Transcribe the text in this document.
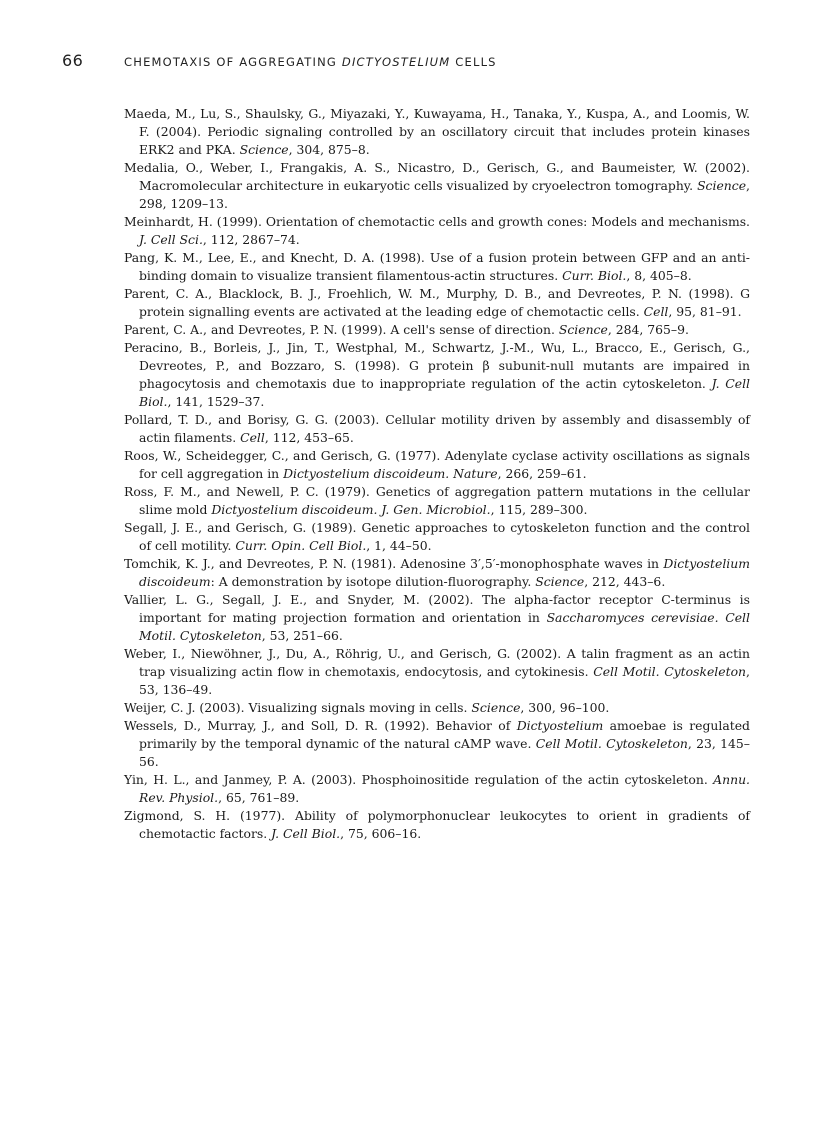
66	CHEMOTAXIS OF AGGREGATING DICTYOSTELIUM CELLS
Maeda, M., Lu, S., Shaulsky, G., Miyazaki, Y., Kuwayama, H., Tanaka, Y., Kuspa, A., and Loomis, W. F. (2004). Periodic signaling controlled by an oscillatory circuit that includes protein kinases ERK2 and PKA. Science, 304, 875–8.
Medalia, O., Weber, I., Frangakis, A. S., Nicastro, D., Gerisch, G., and Baumeister, W. (2002). Macromolecular architecture in eukaryotic cells visualized by cryoelectron tomography. Science, 298, 1209–13.
Meinhardt, H. (1999). Orientation of chemotactic cells and growth cones: Models and mechanisms. J. Cell Sci., 112, 2867–74.
Pang, K. M., Lee, E., and Knecht, D. A. (1998). Use of a fusion protein between GFP and an anti-binding domain to visualize transient filamentous-actin structures. Curr. Biol., 8, 405–8.
Parent, C. A., Blacklock, B. J., Froehlich, W. M., Murphy, D. B., and Devreotes, P. N. (1998). G protein signalling events are activated at the leading edge of chemotactic cells. Cell, 95, 81–91.
Parent, C. A., and Devreotes, P. N. (1999). A cell's sense of direction. Science, 284, 765–9.
Peracino, B., Borleis, J., Jin, T., Westphal, M., Schwartz, J.-M., Wu, L., Bracco, E., Gerisch, G., Devreotes, P., and Bozzaro, S. (1998). G protein β subunit-null mutants are impaired in phagocytosis and chemotaxis due to inappropriate regulation of the actin cytoskeleton. J. Cell Biol., 141, 1529–37.
Pollard, T. D., and Borisy, G. G. (2003). Cellular motility driven by assembly and disassembly of actin filaments. Cell, 112, 453–65.
Roos, W., Scheidegger, C., and Gerisch, G. (1977). Adenylate cyclase activity oscillations as signals for cell aggregation in Dictyostelium discoideum. Nature, 266, 259–61.
Ross, F. M., and Newell, P. C. (1979). Genetics of aggregation pattern mutations in the cellular slime mold Dictyostelium discoideum. J. Gen. Microbiol., 115, 289–300.
Segall, J. E., and Gerisch, G. (1989). Genetic approaches to cytoskeleton function and the control of cell motility. Curr. Opin. Cell Biol., 1, 44–50.
Tomchik, K. J., and Devreotes, P. N. (1981). Adenosine 3′,5′-monophosphate waves in Dictyostelium discoideum: A demonstration by isotope dilution-fluorography. Science, 212, 443–6.
Vallier, L. G., Segall, J. E., and Snyder, M. (2002). The alpha-factor receptor C-terminus is important for mating projection formation and orientation in Saccharomyces cerevisiae. Cell Motil. Cytoskeleton, 53, 251–66.
Weber, I., Niewöhner, J., Du, A., Röhrig, U., and Gerisch, G. (2002). A talin fragment as an actin trap visualizing actin flow in chemotaxis, endocytosis, and cytokinesis. Cell Motil. Cytoskeleton, 53, 136–49.
Weijer, C. J. (2003). Visualizing signals moving in cells. Science, 300, 96–100.
Wessels, D., Murray, J., and Soll, D. R. (1992). Behavior of Dictyostelium amoebae is regulated primarily by the temporal dynamic of the natural cAMP wave. Cell Motil. Cytoskeleton, 23, 145–56.
Yin, H. L., and Janmey, P. A. (2003). Phosphoinositide regulation of the actin cytoskeleton. Annu. Rev. Physiol., 65, 761–89.
Zigmond, S. H. (1977). Ability of polymorphonuclear leukocytes to orient in gradients of chemotactic factors. J. Cell Biol., 75, 606–16.
